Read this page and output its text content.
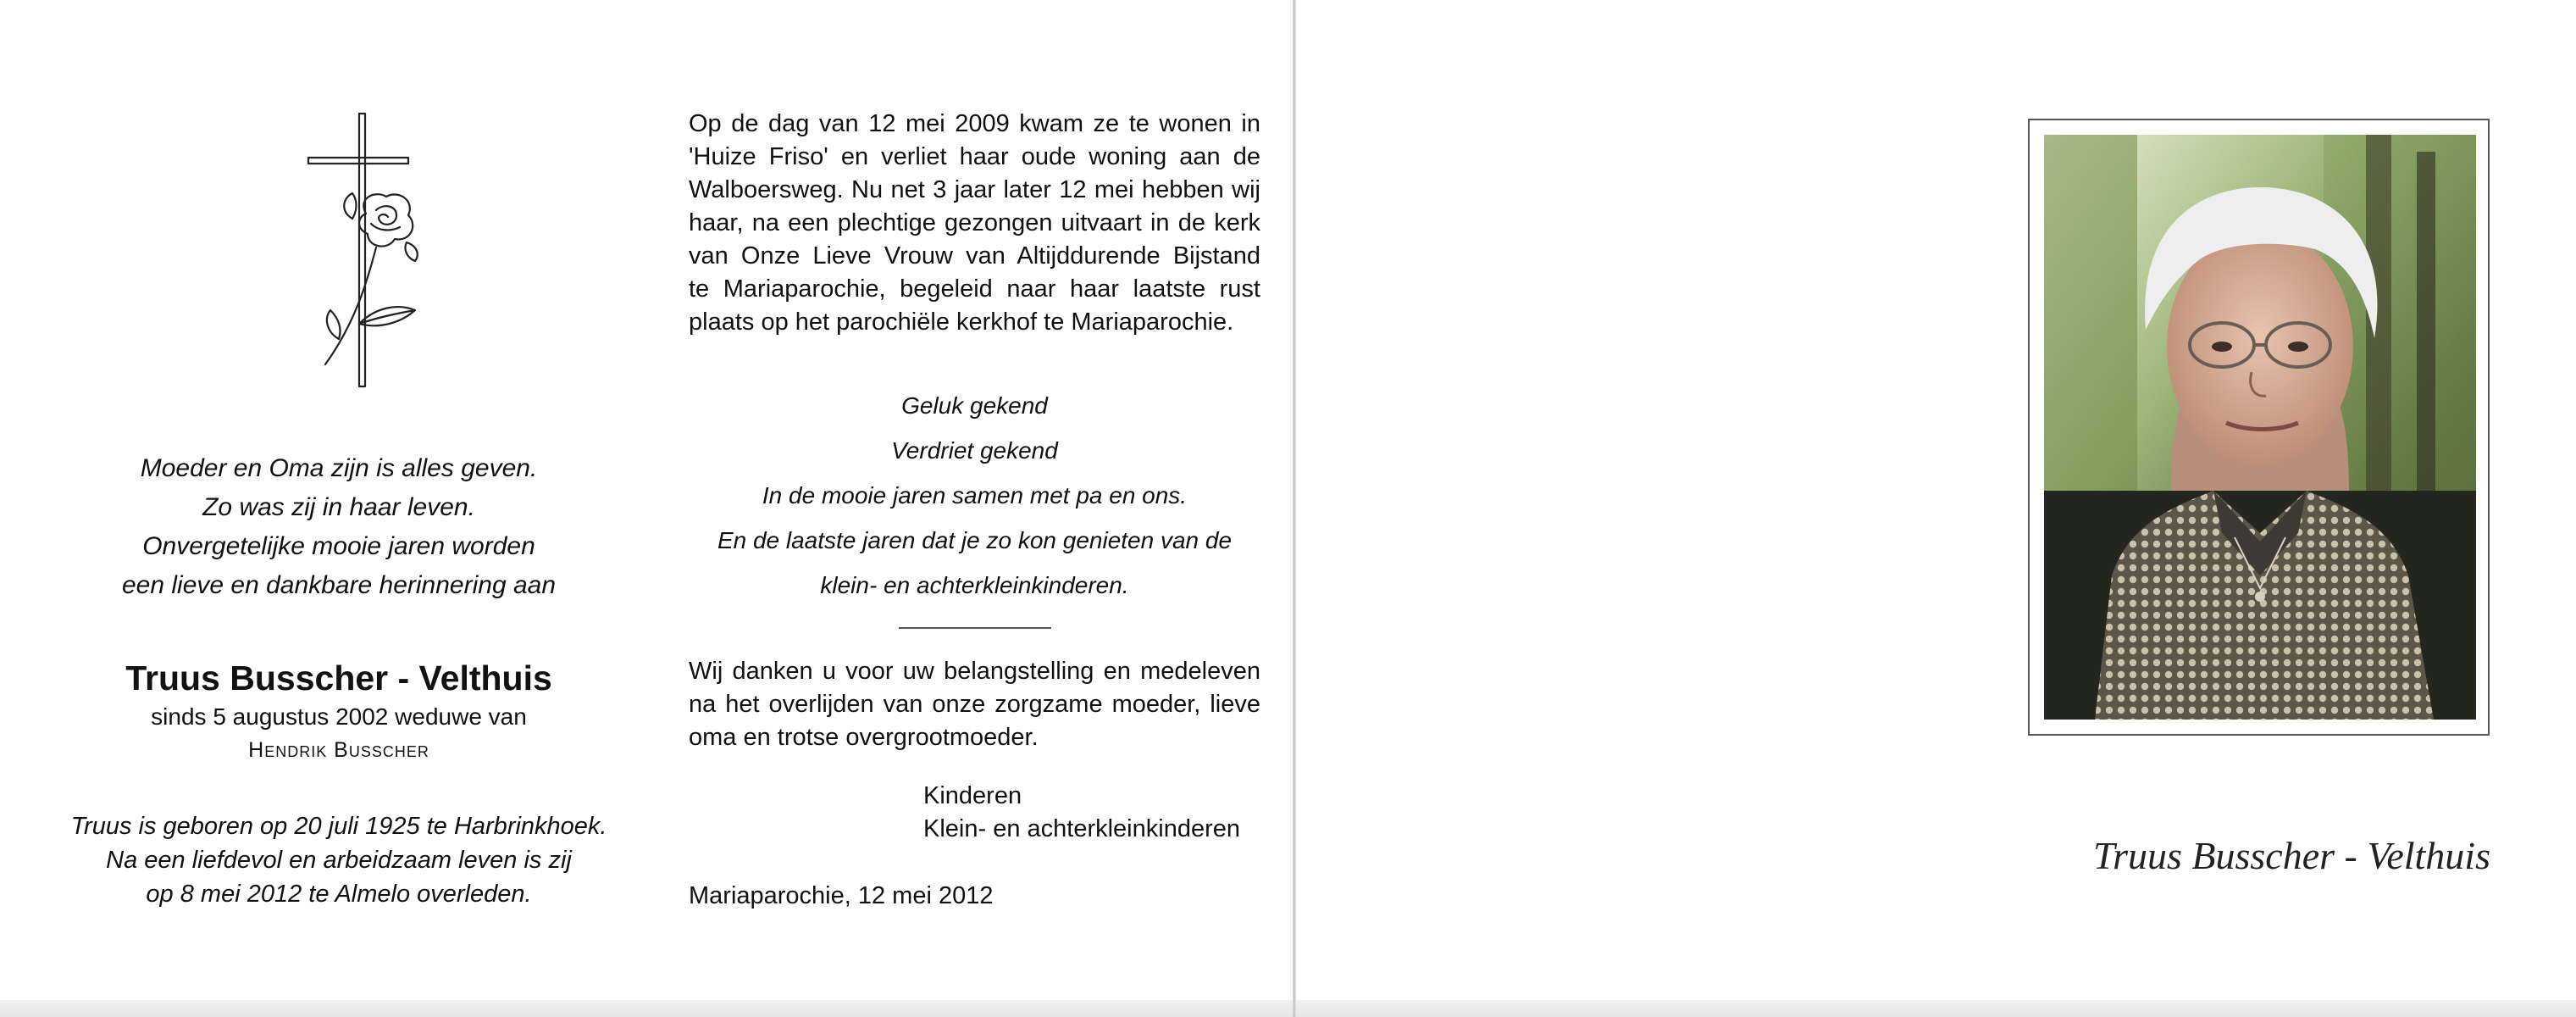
Moeder en Oma zijn is alles geven.
Zo was zij in haar leven.
Onvergetelijke mooie jaren worden
een lieve en dankbare herinnering aan
Truus Busscher - Velthuis
sinds 5 augustus 2002 weduwe van
Hendrik Busscher
Truus is geboren op 20 juli 1925 te Harbrinkhoek.
Na een liefdevol en arbeidzaam leven is zij
op 8 mei 2012 te Almelo overleden.
Op de dag van 12 mei 2009 kwam ze te wonen in
'Huize Friso' en verliet haar oude woning aan de
Walboersweg. Nu net 3 jaar later 12 mei hebben wij
haar, na een plechtige gezongen uitvaart in de kerk
van Onze Lieve Vrouw van Altijddurende Bijstand
te Mariaparochie, begeleid naar haar laatste rust
plaats op het parochiële kerkhof te Mariaparochie.
Geluk gekend
Verdriet gekend
In de mooie jaren samen met pa en ons.
En de laatste jaren dat je zo kon genieten van de
klein- en achterkleinkinderen.
Wij danken u voor uw belangstelling en medeleven
na het overlijden van onze zorgzame moeder, lieve
oma en trotse overgrootmoeder.
Kinderen
Klein- en achterkleinkinderen
Mariaparochie, 12 mei 2012
Truus Busscher - Velthuis
